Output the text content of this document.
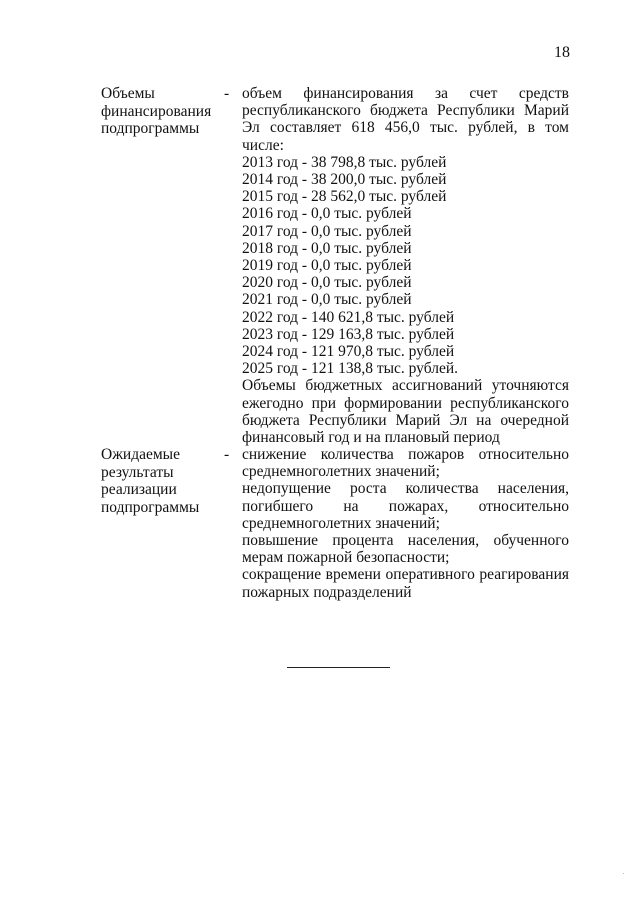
18
Объемы
финансирования
подпрограммы
- объем финансирования за счет средств
республиканского бюджета Республики Марий Эл составляет 618 456,0 тыс. рублей, в том числе:
2013 год - 38 798,8 тыс. рублей
2014 год - 38 200,0 тыс. рублей
2015 год - 28 562,0 тыс. рублей
2016 год - 0,0 тыс. рублей
2017 год - 0,0 тыс. рублей
2018 год - 0,0 тыс. рублей
2019 год - 0,0 тыс. рублей
2020 год - 0,0 тыс. рублей
2021 год - 0,0 тыс. рублей
2022 год - 140 621,8 тыс. рублей
2023 год - 129 163,8 тыс. рублей
2024 год - 121 970,8 тыс. рублей
2025 год - 121 138,8 тыс. рублей.
Объемы бюджетных ассигнований уточняются ежегодно при формировании республиканского бюджета Республики Марий Эл на очередной финансовый год и на плановый период
Ожидаемые
результаты
реализации
подпрограммы
- снижение количества пожаров относительно среднемноголетних значений;
недопущение роста количества населения, погибшего на пожарах, относительно среднемноголетних значений;
повышение процента населения, обученного мерам пожарной безопасности;
сокращение времени оперативного реагирования пожарных подразделений
